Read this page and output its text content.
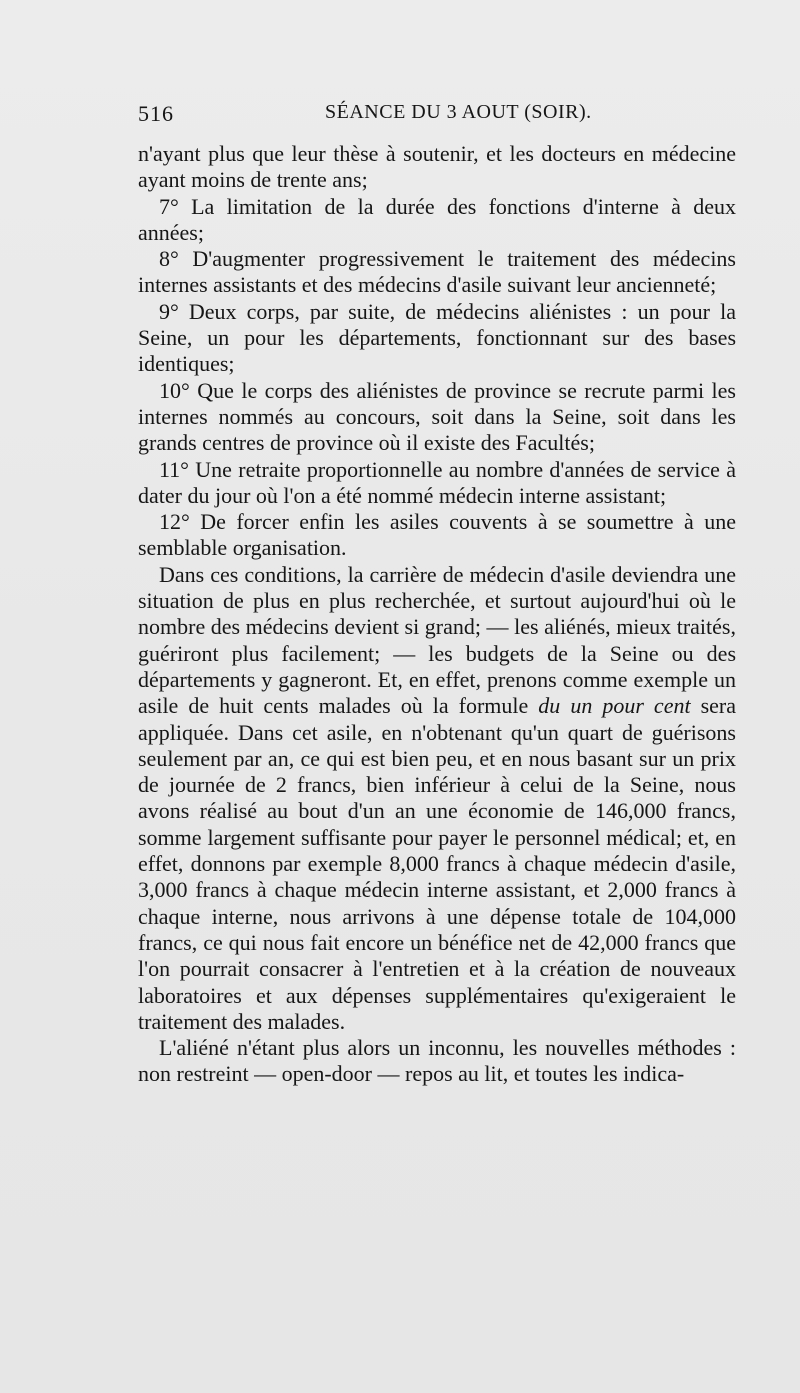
516	SÉANCE DU 3 AOUT (SOIR).

n'ayant plus que leur thèse à soutenir, et les docteurs en médecine ayant moins de trente ans;

7° La limitation de la durée des fonctions d'interne à deux années;

8° D'augmenter progressivement le traitement des médecins internes assistants et des médecins d'asile suivant leur ancienneté;

9° Deux corps, par suite, de médecins aliénistes : un pour la Seine, un pour les départements, fonctionnant sur des bases identiques;

10° Que le corps des aliénistes de province se recrute parmi les internes nommés au concours, soit dans la Seine, soit dans les grands centres de province où il existe des Facultés;

11° Une retraite proportionnelle au nombre d'années de service à dater du jour où l'on a été nommé médecin interne assistant;

12° De forcer enfin les asiles couvents à se soumettre à une semblable organisation.

Dans ces conditions, la carrière de médecin d'asile deviendra une situation de plus en plus recherchée, et surtout aujourd'hui où le nombre des médecins devient si grand; — les aliénés, mieux traités, guériront plus facilement; — les budgets de la Seine ou des départements y gagneront. Et, en effet, prenons comme exemple un asile de huit cents malades où la formule du un pour cent sera appliquée. Dans cet asile, en n'obtenant qu'un quart de guérisons seulement par an, ce qui est bien peu, et en nous basant sur un prix de journée de 2 francs, bien inférieur à celui de la Seine, nous avons réalisé au bout d'un an une économie de 146,000 francs, somme largement suffisante pour payer le personnel médical; et, en effet, donnons par exemple 8,000 francs à chaque médecin d'asile, 3,000 francs à chaque médecin interne assistant, et 2,000 francs à chaque interne, nous arrivons à une dépense totale de 104,000 francs, ce qui nous fait encore un bénéfice net de 42,000 francs que l'on pourrait consacrer à l'entretien et à la création de nouveaux laboratoires et aux dépenses supplémentaires qu'exigeraient le traitement des malades.

L'aliéné n'étant plus alors un inconnu, les nouvelles méthodes : non restreint — open-door — repos au lit, et toutes les indica-
